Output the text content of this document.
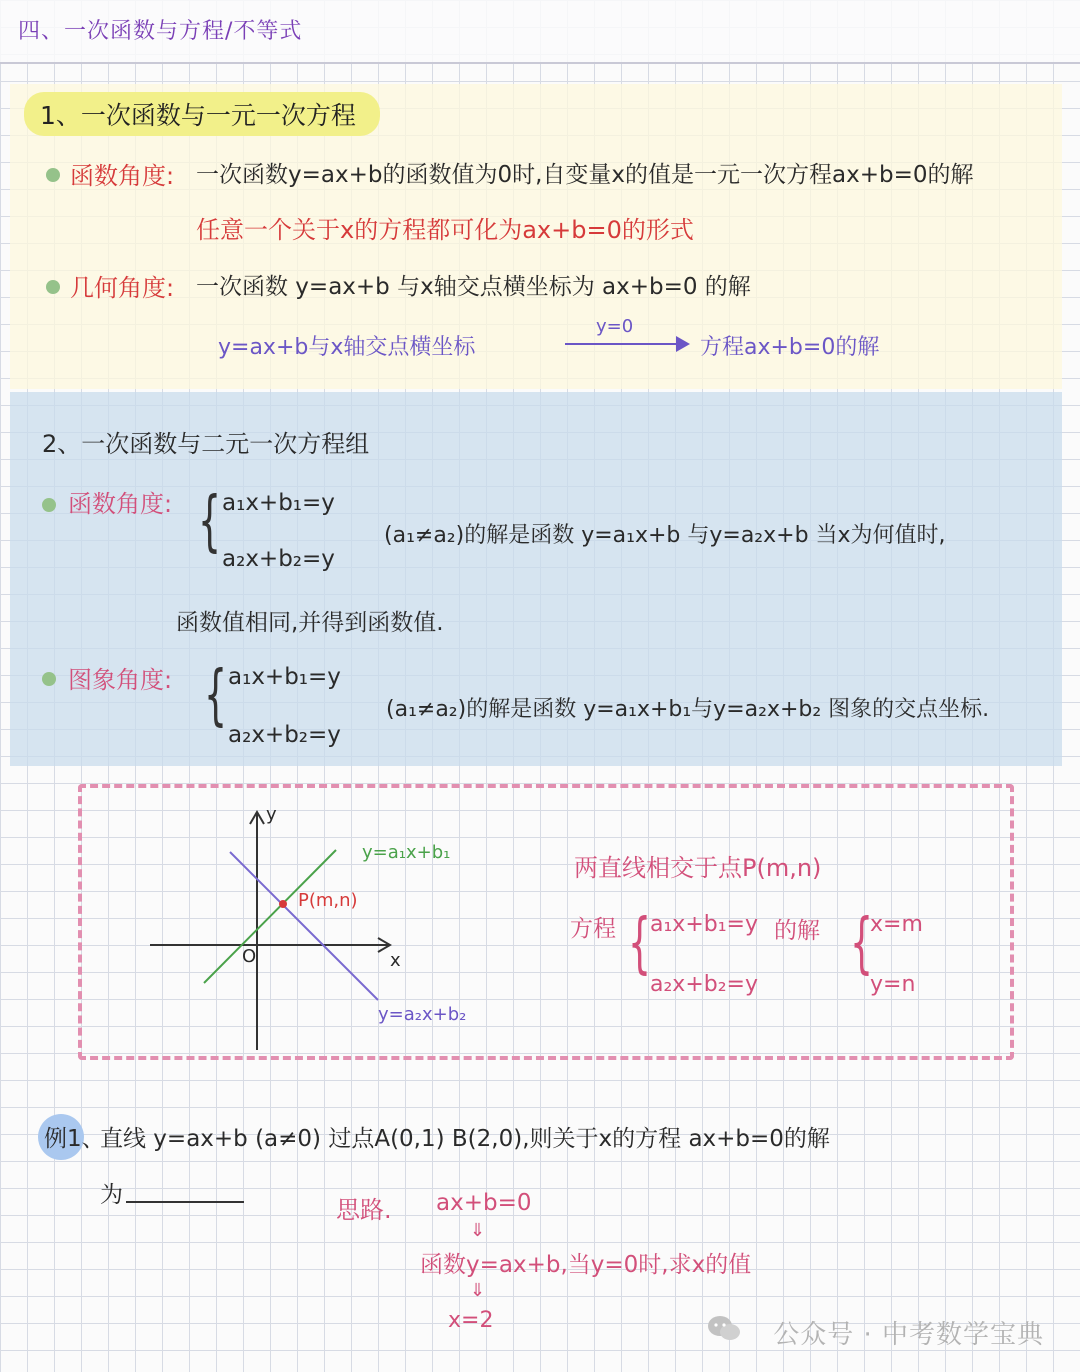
四、一次函数与方程/不等式
1、一次函数与一元一次方程
函数角度: 一次函数y=ax+b的函数值为0时,自变量x的值是一元一次方程ax+b=0的解
任意一个关于x的方程都可化为ax+b=0的形式
几何角度: 一次函数 y=ax+b 与x轴交点横坐标为 ax+b=0 的解
y=ax+b与x轴交点横坐标
y=0
方程ax+b=0的解
2、一次函数与二元一次方程组
函数角度: { a₁x+b₁=y
a₂x+b₂=y
(a₁≠a₂)的解是函数 y=a₁x+b 与y=a₂x+b 当x为何值时,
函数值相同,并得到函数值.
图象角度: { a₁x+b₁=y
a₂x+b₂=y
(a₁≠a₂)的解是函数 y=a₁x+b₁与y=a₂x+b₂ 图象的交点坐标.
y
x
O
y=a₁x+b₁
y=a₂x+b₂
P(m,n)
两直线相交于点P(m,n)
方程 {
a₁x+b₁=y
a₂x+b₂=y
的解 {
x=m
y=n
例1、
直线 y=ax+b (a≠0) 过点A(0,1) B(2,0),则关于x的方程 ax+b=0的解
为
思路. ax+b=0
⇓
函数y=ax+b,当y=0时,求x的值
⇓
x=2	公众号 · 中考数学宝典
